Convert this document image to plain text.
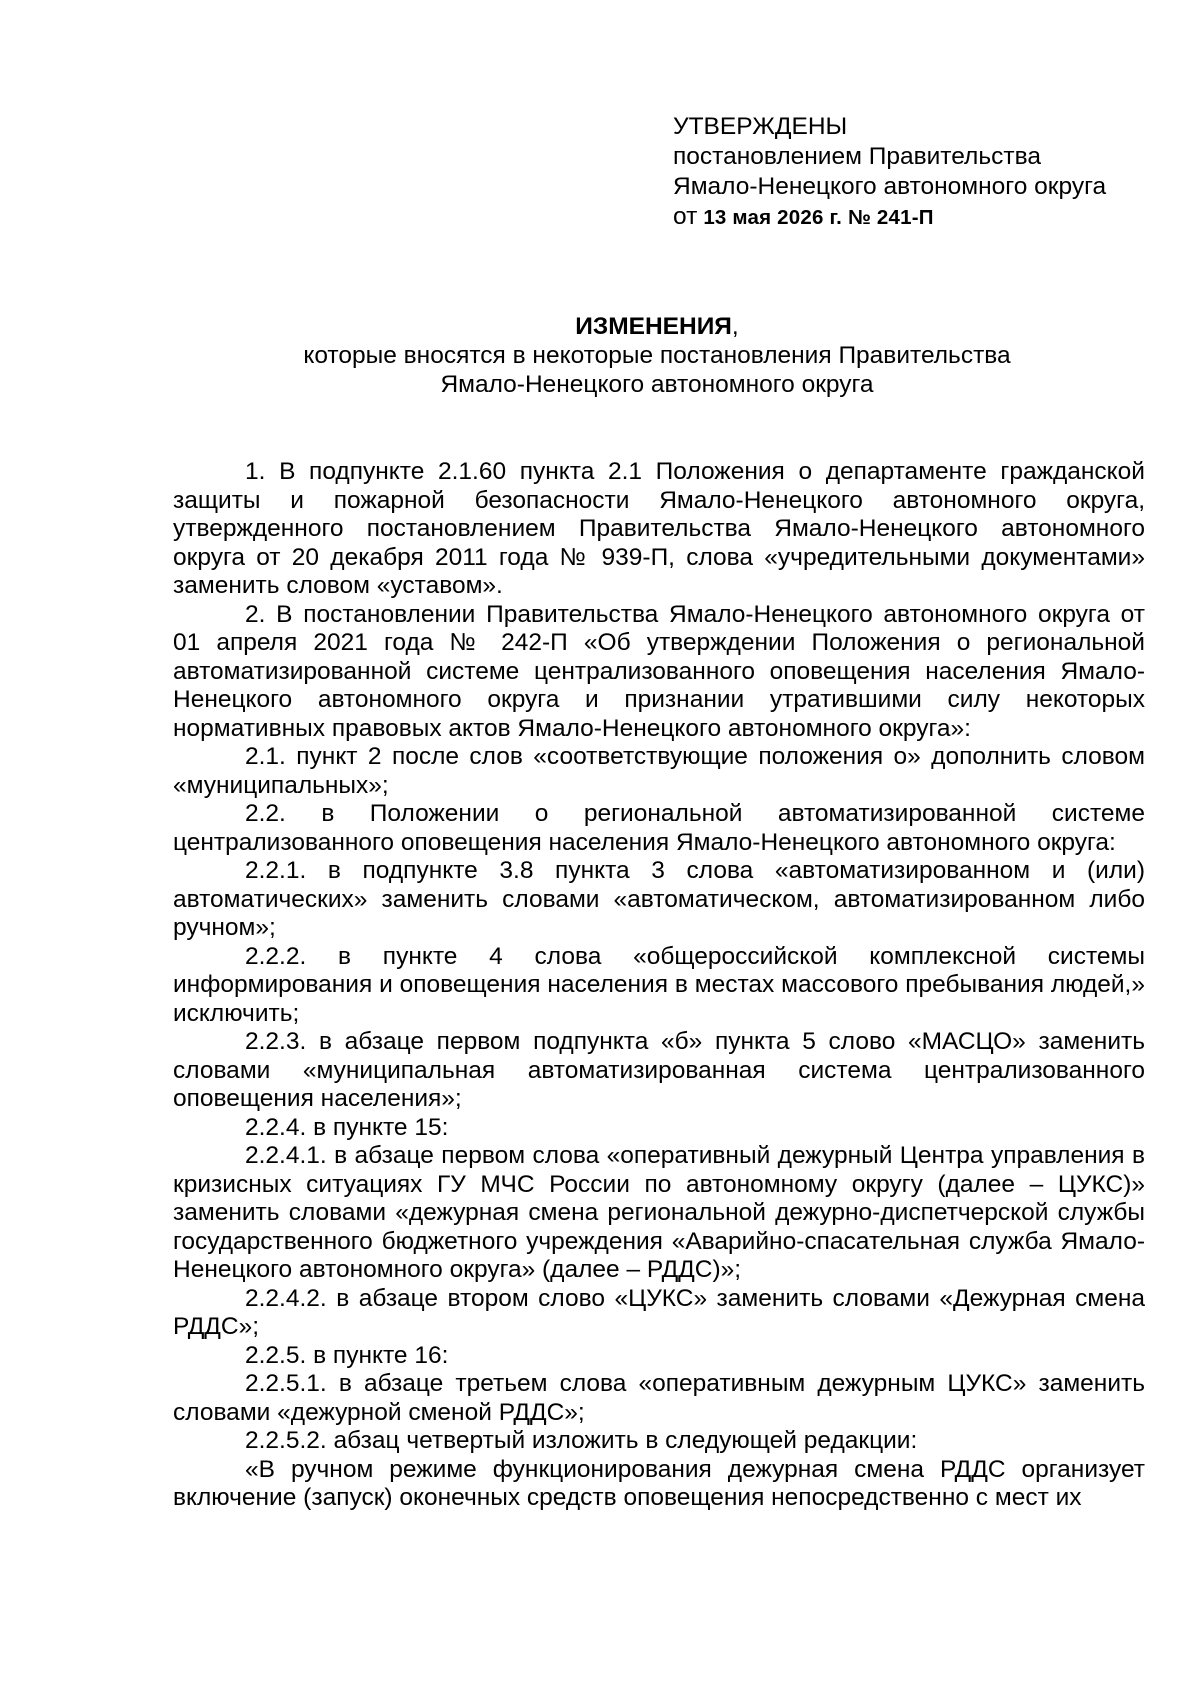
УТВЕРЖДЕНЫ

постановлением Правительства

Ямало-Ненецкого автономного округа

от 13 мая 2026 г. № 241-П

ИЗМЕНЕНИЯ,

которые вносятся в некоторые постановления Правительства

Ямало-Ненецкого автономного округа

1. В подпункте 2.1.60 пункта 2.1 Положения о департаменте гражданской защиты и пожарной безопасности Ямало-Ненецкого автономного округа, утвержденного постановлением Правительства Ямало-Ненецкого автономного округа от 20 декабря 2011 года № 939-П, слова «учредительными документами» заменить словом «уставом».

2. В постановлении Правительства Ямало-Ненецкого автономного округа от 01 апреля 2021 года № 242-П «Об утверждении Положения о региональной автоматизированной системе централизованного оповещения населения Ямало-Ненецкого автономного округа и признании утратившими силу некоторых нормативных правовых актов Ямало-Ненецкого автономного округа»:

2.1. пункт 2 после слов «соответствующие положения о» дополнить словом «муниципальных»;

2.2. в Положении о региональной автоматизированной системе централизованного оповещения населения Ямало-Ненецкого автономного округа:

2.2.1. в подпункте 3.8 пункта 3 слова «автоматизированном и (или) автоматических» заменить словами «автоматическом, автоматизированном либо ручном»;

2.2.2. в пункте 4 слова «общероссийской комплексной системы информирования и оповещения населения в местах массового пребывания людей,» исключить;

2.2.3. в абзаце первом подпункта «б» пункта 5 слово «МАСЦО» заменить словами «муниципальная автоматизированная система централизованного оповещения населения»;

2.2.4. в пункте 15:

2.2.4.1. в абзаце первом слова «оперативный дежурный Центра управления в кризисных ситуациях ГУ МЧС России по автономному округу (далее – ЦУКС)» заменить словами «дежурная смена региональной дежурно-диспетчерской службы государственного бюджетного учреждения «Аварийно-спасательная служба Ямало-Ненецкого автономного округа» (далее – РДДС)»;

2.2.4.2. в абзаце втором слово «ЦУКС» заменить словами «Дежурная смена РДДС»;

2.2.5. в пункте 16:

2.2.5.1. в абзаце третьем слова «оперативным дежурным ЦУКС» заменить словами «дежурной сменой РДДС»;

2.2.5.2. абзац четвертый изложить в следующей редакции:

«В ручном режиме функционирования дежурная смена РДДС организует включение (запуск) оконечных средств оповещения непосредственно с мест их
